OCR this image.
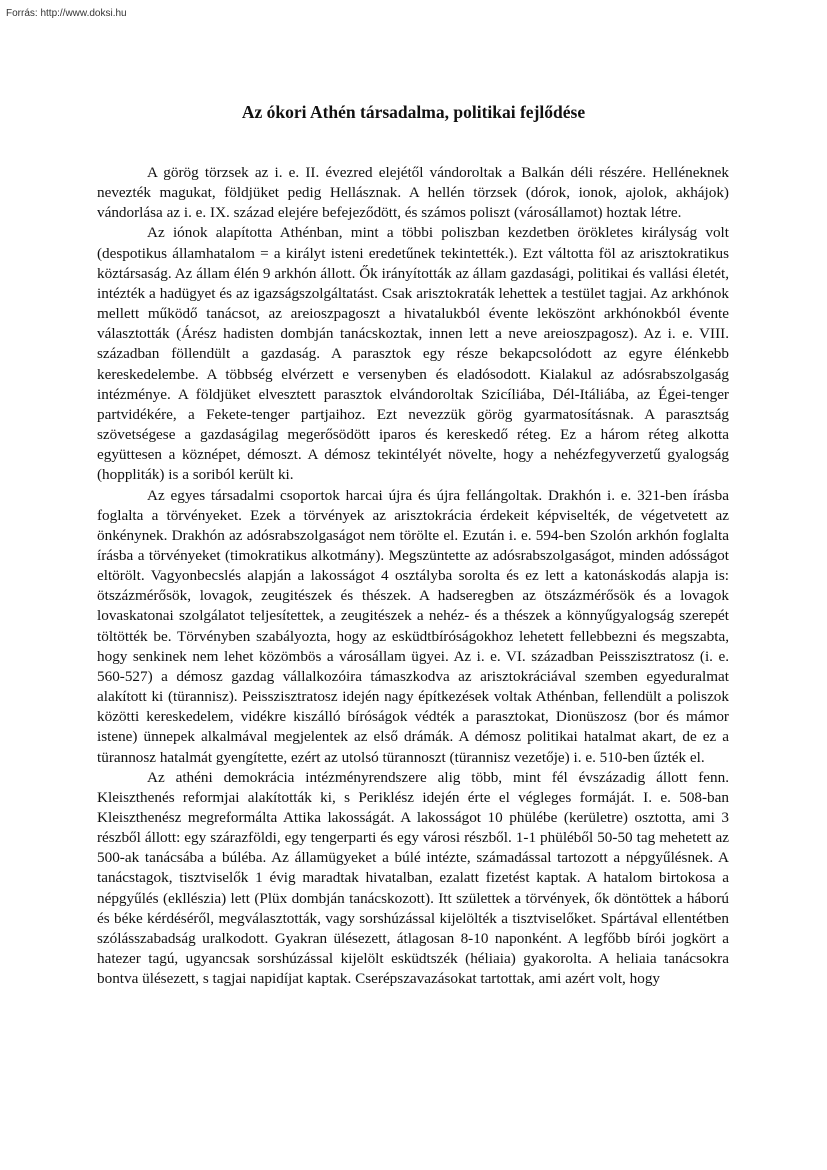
Forrás: http://www.doksi.hu
Az ókori Athén társadalma, politikai fejlődése

A görög törzsek az i. e. II. évezred elejétől vándoroltak a Balkán déli részére. Helléneknek nevezték magukat, földjüket pedig Hellásznak. A hellén törzsek (dórok, ionok, ajolok, akhájok) vándorlása az i. e. IX. század elejére befejeződött, és számos poliszt (városállamot) hoztak létre.

Az iónok alapította Athénban, mint a többi poliszban kezdetben örökletes királyság volt (despotikus államhatalom = a királyt isteni eredetűnek tekintették.). Ezt váltotta föl az arisztokratikus köztársaság. Az állam élén 9 arkhón állott. Ők irányították az állam gazdasági, politikai és vallási életét, intézték a hadügyet és az igazságszolgáltatást. Csak arisztokraták lehettek a testület tagjai. Az arkhónok mellett működő tanácsot, az areioszpagoszt a hivatalukból évente leköszönt arkhónokból évente választották (Árész hadisten dombján tanácskoztak, innen lett a neve areioszpagosz). Az i. e. VIII. században föllendült a gazdaság. A parasztok egy része bekapcsolódott az egyre élénkebb kereskedelembe. A többség elvérzett e versenyben és eladósodott. Kialakul az adósrabszolgaság intézménye. A földjüket elvesztett parasztok elvándoroltak Szicíliába, Dél-Itáliába, az Égei-tenger partvidékére, a Fekete-tenger partjaihoz. Ezt nevezzük görög gyarmatosításnak. A parasztság szövetségese a gazdaságilag megerősödött iparos és kereskedő réteg. Ez a három réteg alkotta együttesen a köznépet, démoszt. A démosz tekintélyét növelte, hogy a nehézfegyverzetű gyalogság (hoppliták) is a soriból került ki.

Az egyes társadalmi csoportok harcai újra és újra fellángoltak. Drakhón i. e. 321-ben írásba foglalta a törvényeket. Ezek a törvények az arisztokrácia érdekeit képviselték, de végetvetett az önkénynek. Drakhón az adósrabszolgaságot nem törölte el. Ezután i. e. 594-ben Szolón arkhón foglalta írásba a törvényeket (timokratikus alkotmány). Megszüntette az adósrabszolgaságot, minden adósságot eltörölt. Vagyonbecslés alapján a lakosságot 4 osztályba sorolta és ez lett a katonáskodás alapja is: ötszázmérősök, lovagok, zeugitészek és thészek. A hadseregben az ötszázmérősök és a lovagok lovaskatonai szolgálatot teljesítettek, a zeugitészek a nehéz- és a thészek a könnyűgyalogság szerepét töltötték be. Törvényben szabályozta, hogy az esküdtbíróságokhoz lehetett fellebbezni és megszabta, hogy senkinek nem lehet közömbös a városállam ügyei. Az i. e. VI. században Peisszisztratosz (i. e. 560-527) a démosz gazdag vállalkozóira támaszkodva az arisztokráciával szemben egyeduralmat alakított ki (türannisz). Peisszisztratosz idején nagy építkezések voltak Athénban, fellendült a poliszok közötti kereskedelem, vidékre kiszálló bíróságok védték a parasztokat, Dionüszosz (bor és mámor istene) ünnepek alkalmával megjelentek az első drámák. A démosz politikai hatalmat akart, de ez a türannosz hatalmát gyengítette, ezért az utolsó türannoszt (türannisz vezetője) i. e. 510-ben űzték el.

Az athéni demokrácia intézményrendszere alig több, mint fél évszázadig állott fenn. Kleiszthenés reformjai alakították ki, s Periklész idején érte el végleges formáját. I. e. 508-ban Kleiszthenész megreformálta Attika lakosságát. A lakosságot 10 phülébe (kerületre) osztotta, ami 3 részből állott: egy szárazföldi, egy tengerparti és egy városi részből. 1-1 phüléből 50-50 tag mehetett az 500-ak tanácsába a búléba. Az államügyeket a búlé intézte, számadással tartozott a népgyűlésnek. A tanácstagok, tisztviselők 1 évig maradtak hivatalban, ezalatt fizetést kaptak. A hatalom birtokosa a népgyűlés (ekllészia) lett (Plüx dombján tanácskozott). Itt születtek a törvények, ők döntöttek a háború és béke kérdéséről, megválasztották, vagy sorshúzással kijelölték a tisztviselőket. Spártával ellentétben szólásszabadság uralkodott. Gyakran ülésezett, átlagosan 8-10 naponként. A legfőbb bírói jogkört a hatezer tagú, ugyancsak sorshúzással kijelölt esküdtszék (héliaia) gyakorolta. A heliaia tanácsokra bontva ülésezett, s tagjai napidíjat kaptak. Cserépszavazásokat tartottak, ami azért volt, hogy
